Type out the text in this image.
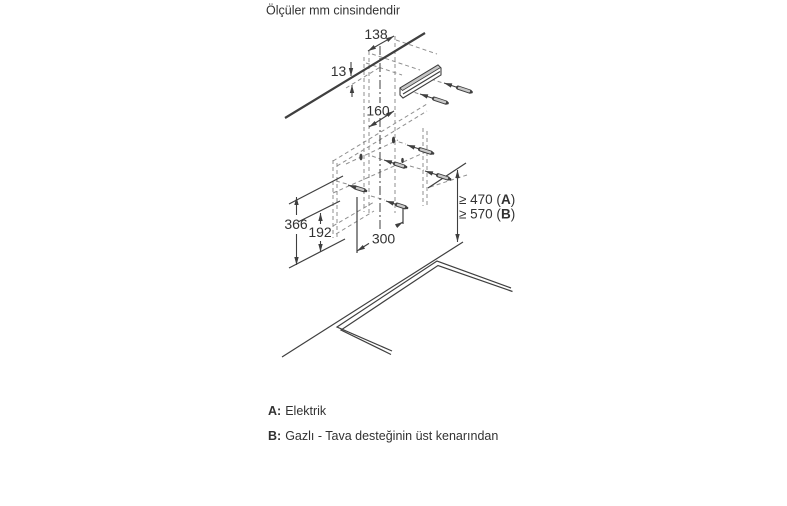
Ölçüler mm cinsindendir
138
13
160
366 192	300
≥ 470 (A)
≥ 570 (B)
A: Elektrik
B: Gazlı - Tava desteğinin üst kenarından
